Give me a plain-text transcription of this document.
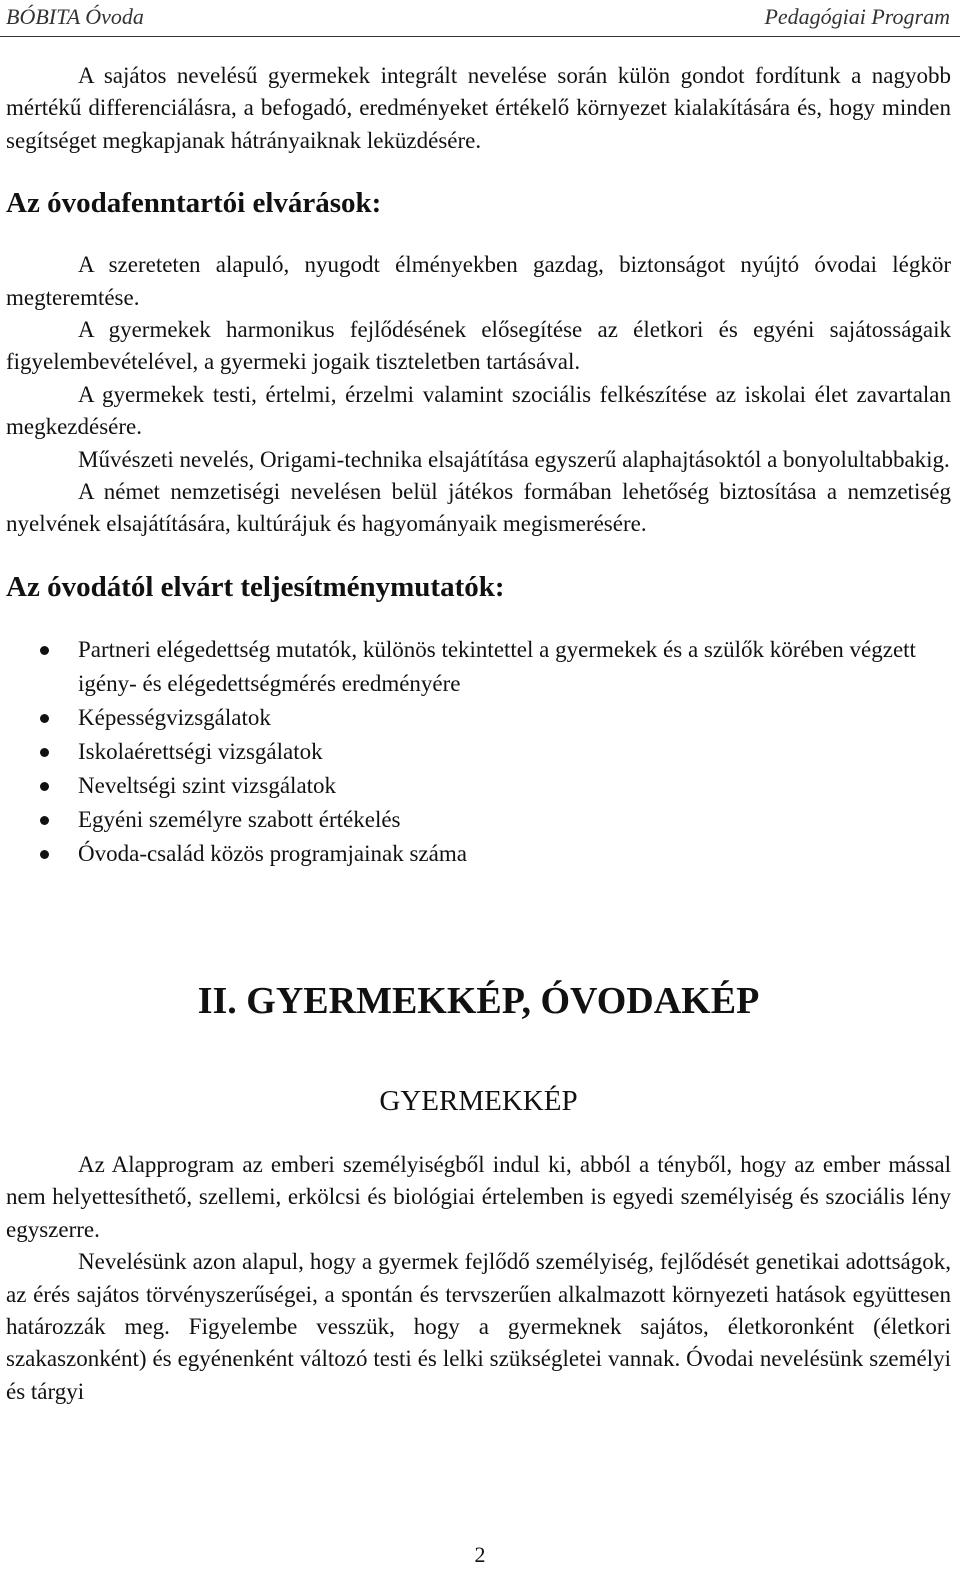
BÓBITA Óvoda	Pedagógiai Program

A sajátos nevelésű gyermekek integrált nevelése során külön gondot fordítunk a nagyobb mértékű differenciálásra, a befogadó, eredményeket értékelő környezet kialakítására és, hogy minden segítséget megkapjanak hátrányaiknak leküzdésére.

Az óvodafenntartói elvárások:

A szereteten alapuló, nyugodt élményekben gazdag, biztonságot nyújtó óvodai légkör megteremtése.

A gyermekek harmonikus fejlődésének elősegítése az életkori és egyéni sajátosságaik figyelembevételével, a gyermeki jogaik tiszteletben tartásával.

A gyermekek testi, értelmi, érzelmi valamint szociális felkészítése az iskolai élet zavartalan megkezdésére.

Művészeti nevelés, Origami-technika elsajátítása egyszerű alaphajtásoktól a bonyolultabbakig.

A német nemzetiségi nevelésen belül játékos formában lehetőség biztosítása a nemzetiség nyelvének elsajátítására, kultúrájuk és hagyományaik megismerésére.

Az óvodától elvárt teljesítménymutatók:
Partneri elégedettség mutatók, különös tekintettel a gyermekek és a szülők körében végzett igény- és elégedettségmérés eredményére
Képességvizsgálatok
Iskolaérettségi vizsgálatok
Neveltségi szint vizsgálatok
Egyéni személyre szabott értékelés
Óvoda-család közös programjainak száma
II. GYERMEKKÉP, ÓVODAKÉP
GYERMEKKÉP

Az Alapprogram az emberi személyiségből indul ki, abból a tényből, hogy az ember mással nem helyettesíthető, szellemi, erkölcsi és biológiai értelemben is egyedi személyiség és szociális lény egyszerre.

Nevelésünk azon alapul, hogy a gyermek fejlődő személyiség, fejlődését genetikai adottságok, az érés sajátos törvényszerűségei, a spontán és tervszerűen alkalmazott környezeti hatások együttesen határozzák meg. Figyelembe vesszük, hogy a gyermeknek sajátos, életkoronként (életkori szakaszonként) és egyénenként változó testi és lelki szükségletei vannak. Óvodai nevelésünk személyi és tárgyi

2
